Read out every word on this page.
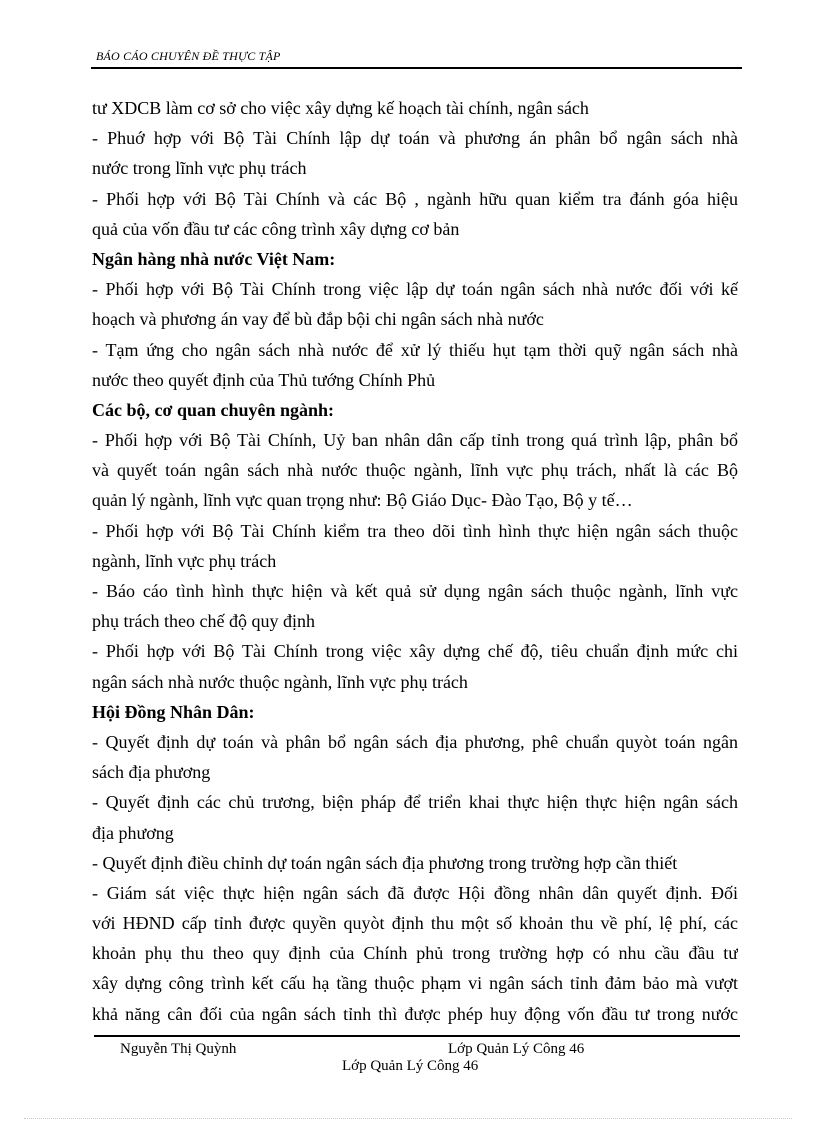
BÁO CÁO CHUYÊN ĐỀ THỰC TẬP
tư XDCB làm cơ sở cho việc xây dựng kế hoạch tài chính, ngân sách
- Phuớ hợp với Bộ Tài Chính lập dự toán và phương án phân bổ ngân sách nhà
nước trong lĩnh vực phụ trách
- Phối hợp với Bộ Tài Chính và các Bộ , ngành hữu quan kiểm tra đánh góa hiệu
quả của vốn đầu tư các công trình xây dựng cơ bản
Ngân hàng nhà nước Việt Nam:
- Phối hợp với Bộ Tài Chính trong việc lập dự toán ngân sách nhà nước đối với kế
hoạch và phương án vay để bù đắp bội chi ngân sách nhà nước
- Tạm ứng cho ngân sách nhà nước để xử lý thiếu hụt tạm thời quỹ ngân sách nhà
nước theo quyết định của Thủ tướng Chính Phủ
Các bộ, cơ quan chuyên ngành:
- Phối hợp với Bộ Tài Chính, Uỷ ban nhân dân cấp tỉnh trong quá trình lập, phân bổ
và quyết toán ngân sách nhà nước thuộc ngành, lĩnh vực phụ trách, nhất là các Bộ
quản lý ngành, lĩnh vực quan trọng như: Bộ Giáo Dục- Đào Tạo, Bộ y tế…
- Phối hợp với Bộ Tài Chính kiểm tra theo dõi tình hình thực hiện ngân sách thuộc
ngành, lĩnh vực phụ trách
- Báo cáo tình hình thực hiện và kết quả sử dụng ngân sách thuộc ngành, lĩnh vực
phụ trách theo chế độ quy định
- Phối hợp với Bộ Tài Chính trong việc xây dựng chế độ, tiêu chuẩn định mức chi
ngân sách nhà nước thuộc ngành, lĩnh vực phụ trách
Hội Đồng Nhân Dân:
- Quyết định dự toán và phân bổ ngân sách địa phương, phê chuẩn quyòt toán ngân
sách địa phương
- Quyết định các chủ trương, biện pháp để triển khai thực hiện thực hiện ngân sách
địa phương
- Quyết định điều chỉnh dự toán ngân sách địa phương trong trường hợp cần thiết
- Giám sát việc thực hiện ngân sách đã được Hội đồng nhân dân quyết định. Đối
với HĐND cấp tỉnh được quyền quyòt định thu một số khoản thu về phí, lệ phí, các
khoản phụ thu theo quy định của Chính phủ trong trường hợp có nhu cầu đầu tư
xây dựng công trình kết cấu hạ tầng thuộc phạm vi ngân sách tỉnh đảm bảo mà vượt
khả năng cân đối của ngân sách tỉnh thì được phép huy động vốn đầu tư trong nước
Nguyễn Thị Quỳnh	Lớp Quản Lý Công 46
Lớp Quản Lý Công 46
